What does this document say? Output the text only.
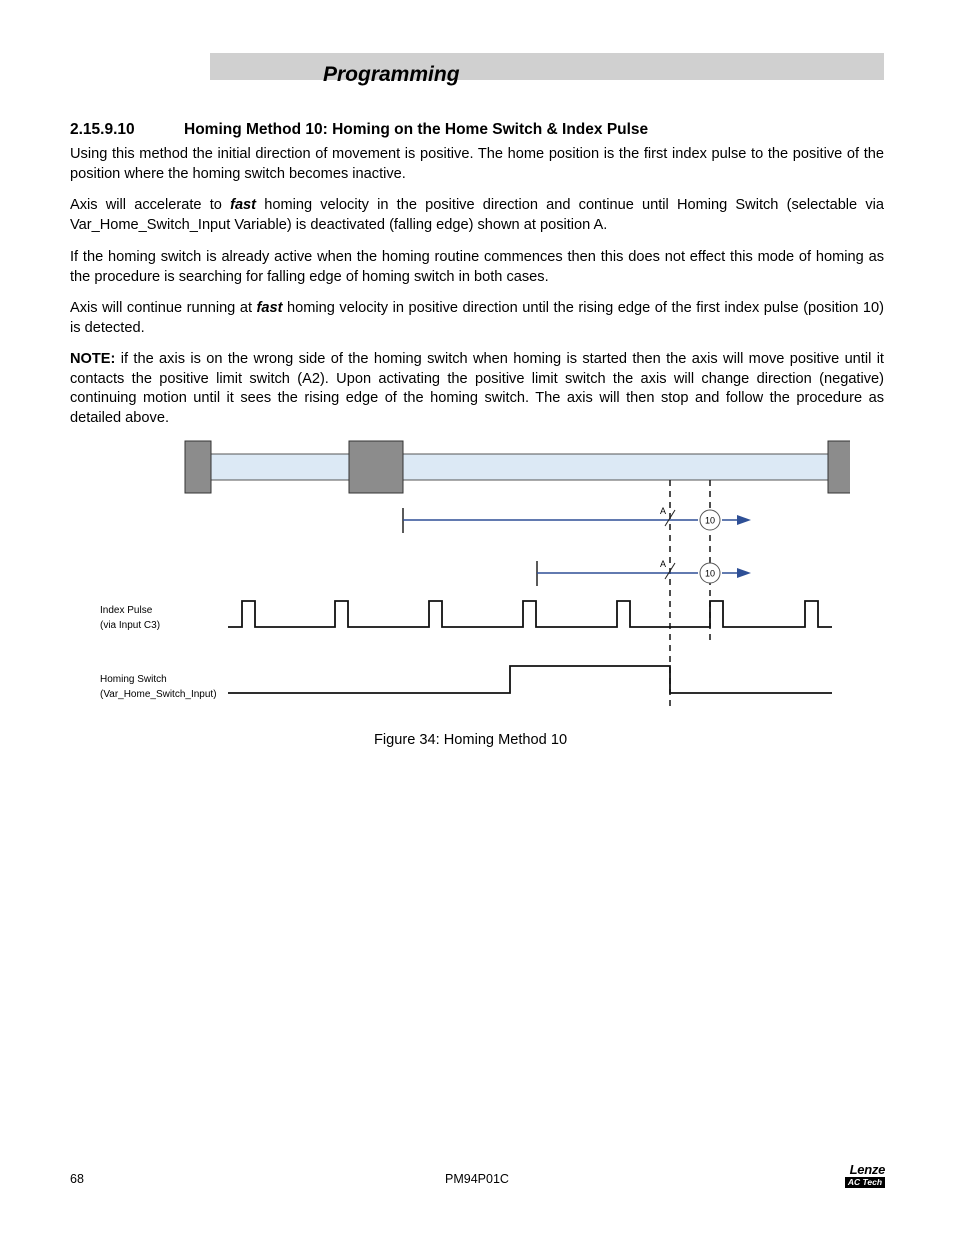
Programming
2.15.9.10	Homing Method 10: Homing on the Home Switch & Index Pulse
Using this method the initial direction of movement is positive. The home position is the first index pulse to the positive of the position where the homing switch becomes inactive.
Axis will accelerate to fast homing velocity in the positive direction and continue until Homing Switch (selectable via Var_Home_Switch_Input Variable) is deactivated (falling edge) shown at position A.
If the homing switch is already active when the homing routine commences then this does not effect this mode of homing as the procedure is searching for falling edge of homing switch in both cases.
Axis will continue running at fast homing velocity in positive direction until the rising edge of the first index pulse (position 10) is detected.
NOTE: if the axis is on the wrong side of the homing switch when homing is started then the axis will move positive until it contacts the positive limit switch (A2). Upon activating the positive limit switch the axis will change direction (negative) continuing motion until it sees the rising edge of the homing switch. The axis will then stop and follow the procedure as detailed above.
A
10
A
10
Index Pulse
(via Input C3)
Homing Switch
(Var_Home_Switch_Input)
Figure 34: Homing Method 10
68	PM94P01C
Lenze
AC Tech
